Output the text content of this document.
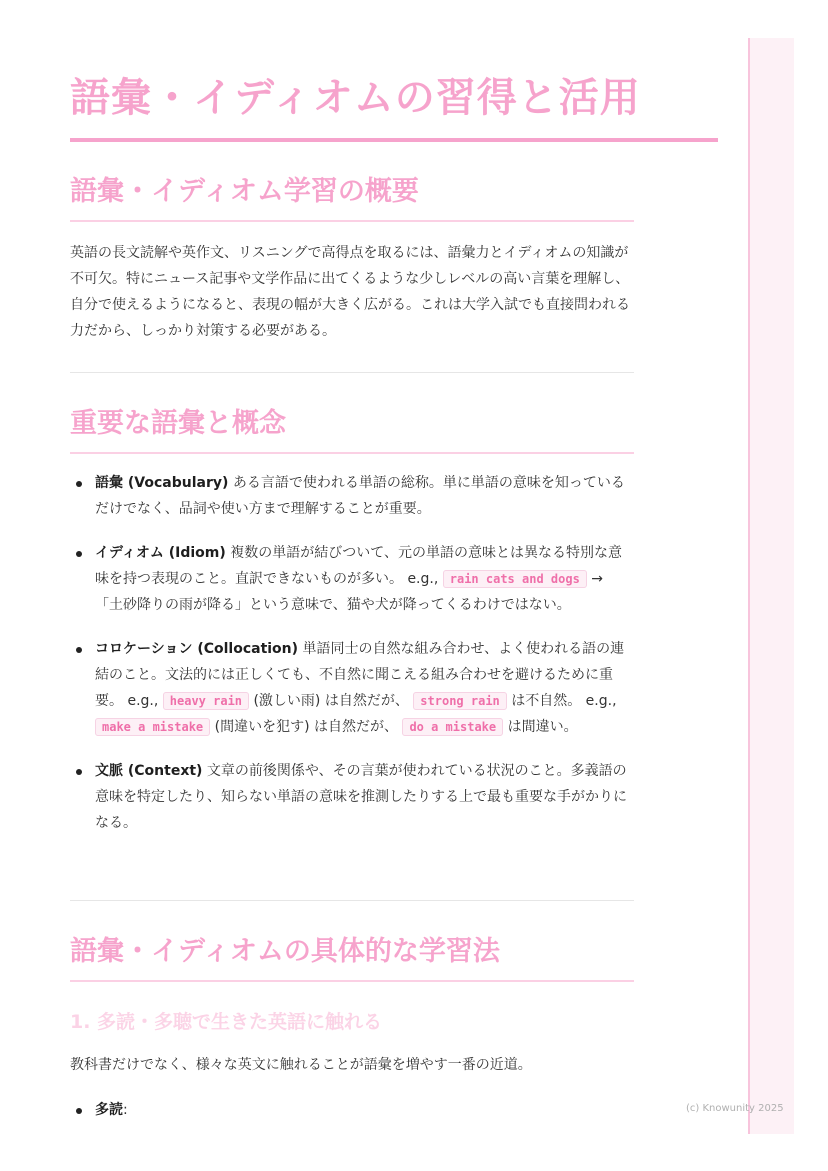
語彙・イディオムの習得と活用
語彙・イディオム学習の概要

英語の長文読解や英作文、リスニングで高得点を取るには、語彙力とイディオムの知識が不可欠。特にニュース記事や文学作品に出てくるような少しレベルの高い言葉を理解し、自分で使えるようになると、表現の幅が大きく広がる。これは大学入試でも直接問われる力だから、しっかり対策する必要がある。

重要な語彙と概念
語彙 (Vocabulary) ある言語で使われる単語の総称。単に単語の意味を知っているだけでなく、品詞や使い方まで理解することが重要。
イディオム (Idiom) 複数の単語が結びついて、元の単語の意味とは異なる特別な意味を持つ表現のこと。直訳できないものが多い。 e.g., rain cats and dogs → 「土砂降りの雨が降る」という意味で、猫や犬が降ってくるわけではない。
コロケーション (Collocation) 単語同士の自然な組み合わせ、よく使われる語の連結のこと。文法的には正しくても、不自然に聞こえる組み合わせを避けるために重要。 e.g., heavy rain (激しい雨) は自然だが、 strong rain は不自然。 e.g., make a mistake (間違いを犯す) は自然だが、 do a mistake は間違い。
文脈 (Context) 文章の前後関係や、その言葉が使われている状況のこと。多義語の意味を特定したり、知らない単語の意味を推測したりする上で最も重要な手がかりになる。
語彙・イディオムの具体的な学習法
1. 多読・多聴で生きた英語に触れる

教科書だけでなく、様々な英文に触れることが語彙を増やす一番の近道。

多読:	(c) Knowunity 2025
